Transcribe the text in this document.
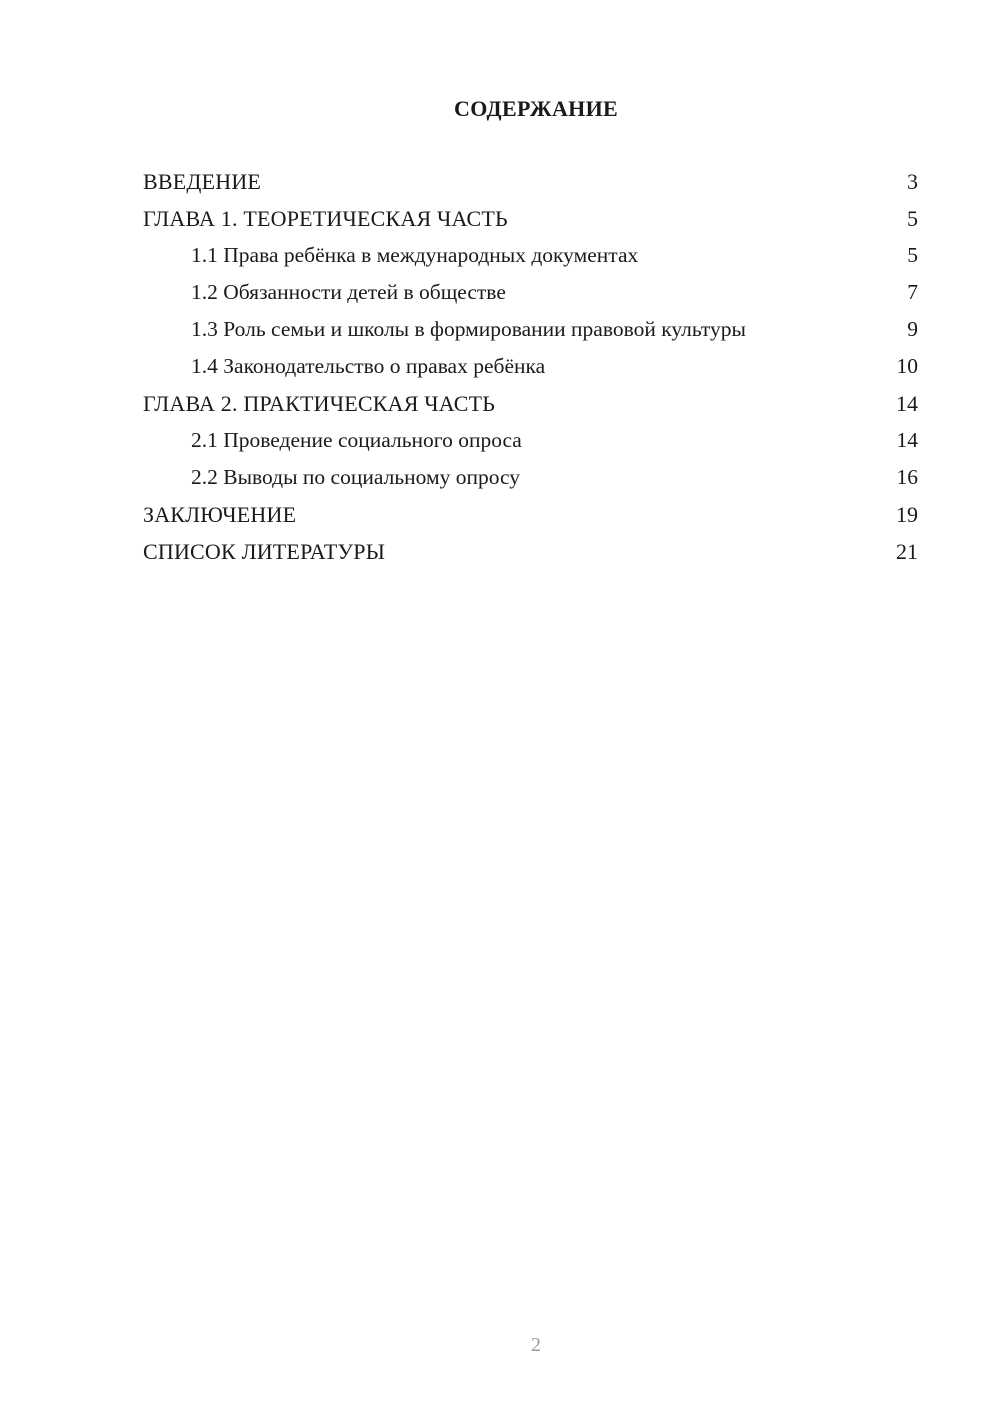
СОДЕРЖАНИЕ
ВВЕДЕНИЕ	3
ГЛАВА 1. ТЕОРЕТИЧЕСКАЯ ЧАСТЬ	5
1.1 Права ребёнка в международных документах	5
1.2 Обязанности детей в обществе	7
1.3 Роль семьи и школы в формировании правовой культуры	9
1.4 Законодательство о правах ребёнка	10
ГЛАВА 2. ПРАКТИЧЕСКАЯ ЧАСТЬ	14
2.1 Проведение социального опроса	14
2.2 Выводы по социальному опросу	16
ЗАКЛЮЧЕНИЕ	19
СПИСОК ЛИТЕРАТУРЫ	21
2
